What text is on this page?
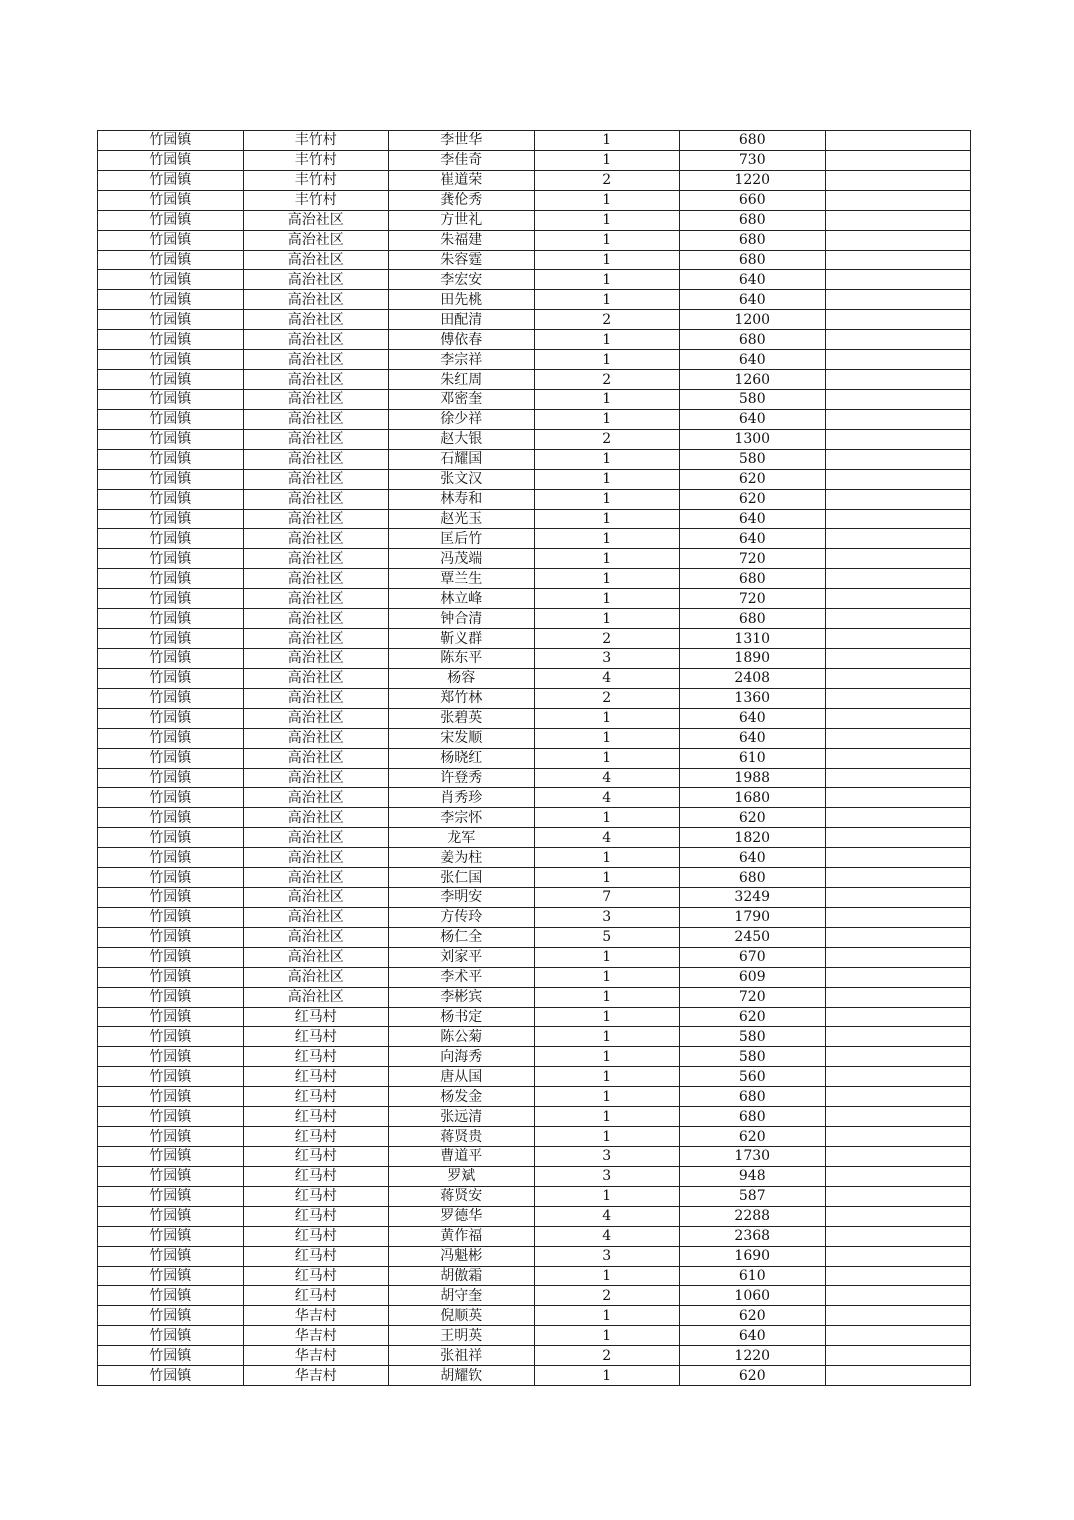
竹园镇	丰竹村	李世华	1	680	
竹园镇	丰竹村	李佳奇	1	730	
竹园镇	丰竹村	崔道荣	2	1220	
竹园镇	丰竹村	龚伦秀	1	660	
竹园镇	高治社区	方世礼	1	680	
竹园镇	高治社区	朱福建	1	680	
竹园镇	高治社区	朱容霆	1	680	
竹园镇	高治社区	李宏安	1	640	
竹园镇	高治社区	田先桃	1	640	
竹园镇	高治社区	田配清	2	1200	
竹园镇	高治社区	傅依春	1	680	
竹园镇	高治社区	李宗祥	1	640	
竹园镇	高治社区	朱红周	2	1260	
竹园镇	高治社区	邓密奎	1	580	
竹园镇	高治社区	徐少祥	1	640	
竹园镇	高治社区	赵大银	2	1300	
竹园镇	高治社区	石耀国	1	580	
竹园镇	高治社区	张文汉	1	620	
竹园镇	高治社区	林寿和	1	620	
竹园镇	高治社区	赵光玉	1	640	
竹园镇	高治社区	匡后竹	1	640	
竹园镇	高治社区	冯茂端	1	720	
竹园镇	高治社区	覃兰生	1	680	
竹园镇	高治社区	林立峰	1	720	
竹园镇	高治社区	钟合清	1	680	
竹园镇	高治社区	靳义群	2	1310	
竹园镇	高治社区	陈东平	3	1890	
竹园镇	高治社区	杨容	4	2408	
竹园镇	高治社区	郑竹林	2	1360	
竹园镇	高治社区	张碧英	1	640	
竹园镇	高治社区	宋发顺	1	640	
竹园镇	高治社区	杨晓红	1	610	
竹园镇	高治社区	许登秀	4	1988	
竹园镇	高治社区	肖秀珍	4	1680	
竹园镇	高治社区	李宗怀	1	620	
竹园镇	高治社区	龙军	4	1820	
竹园镇	高治社区	姜为柱	1	640	
竹园镇	高治社区	张仁国	1	680	
竹园镇	高治社区	李明安	7	3249	
竹园镇	高治社区	方传玲	3	1790	
竹园镇	高治社区	杨仁全	5	2450	
竹园镇	高治社区	刘家平	1	670	
竹园镇	高治社区	李术平	1	609	
竹园镇	高治社区	李彬宾	1	720	
竹园镇	红马村	杨书定	1	620	
竹园镇	红马村	陈公菊	1	580	
竹园镇	红马村	向海秀	1	580	
竹园镇	红马村	唐从国	1	560	
竹园镇	红马村	杨发金	1	680	
竹园镇	红马村	张远清	1	680	
竹园镇	红马村	蒋贤贵	1	620	
竹园镇	红马村	曹道平	3	1730	
竹园镇	红马村	罗斌	3	948	
竹园镇	红马村	蒋贤安	1	587	
竹园镇	红马村	罗德华	4	2288	
竹园镇	红马村	黄作福	4	2368	
竹园镇	红马村	冯魁彬	3	1690	
竹园镇	红马村	胡傲霜	1	610	
竹园镇	红马村	胡守奎	2	1060	
竹园镇	华吉村	倪顺英	1	620	
竹园镇	华吉村	王明英	1	640	
竹园镇	华吉村	张祖祥	2	1220	
竹园镇	华吉村	胡耀钦	1	620	
